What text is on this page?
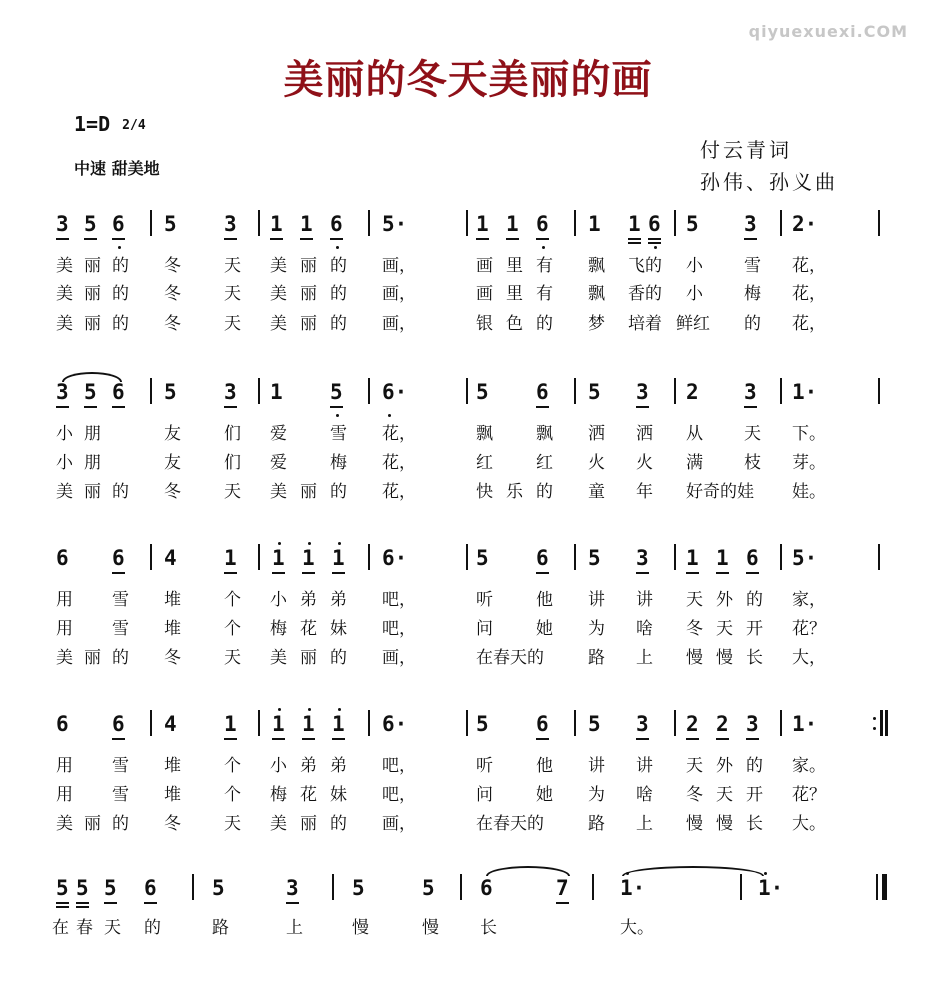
美丽的冬天美丽的画
qiyuexuexi.COM
1=D 2/4
中速 甜美地
付云青词
孙伟、孙义曲
3 5 6 5 3 1 1 6 5·	1 1 6 1 1 6 5 3 2·
美 丽 的 冬	天 美 丽 的 画，	画 里 有 飘 飞的 小 雪 花，
美 丽 的 冬	天 美 丽 的 画，	画 里 有 飘 香的 小 梅 花，
美 丽 的 冬	天 美 丽 的 画，	银 色 的 梦 培着 鲜红 的 花，
3 5 6 5 3 1 5 6·	5 6 5 3 2 3 1·
小 朋	友	们 爱	雪 花，	飘	飘 洒 洒 从 天 下。
小 朋	友	们 爱	梅 花，	红	红 火 火 满 枝 芽。
美 丽 的 冬	天 美 丽 的 花，	快 乐 的 童 年 好奇的娃 娃。
6 6 4 1 1 1 1 6·	5 6 5 3 1 1 6 5·
用 雪 堆	个 小 弟 弟 吧，	听	他 讲 讲 天 外 的 家，
用 雪 堆	个 梅 花 妹 吧，	问	她 为 啥 冬 天 开 花？
美 丽 的 冬	天 美 丽 的 画，	在春天的	路 上 慢 慢 长 大，
6 6 4 1 1 1 1 6·	5 6 5 3 2 2 3 1·
用 雪 堆	个 小 弟 弟 吧，	听	他 讲 讲 天 外 的 家。
用 雪 堆	个 梅 花 妹 吧，	问	她 为 啥 冬 天 开 花？
美 丽 的 冬	天 美 丽 的 画，	在春天的	路 上 慢 慢 长 大。
5 5 5 6	5	3	5	5 6	7 1·	1·
在 春 天 的	路	上	慢	慢 长	大。
